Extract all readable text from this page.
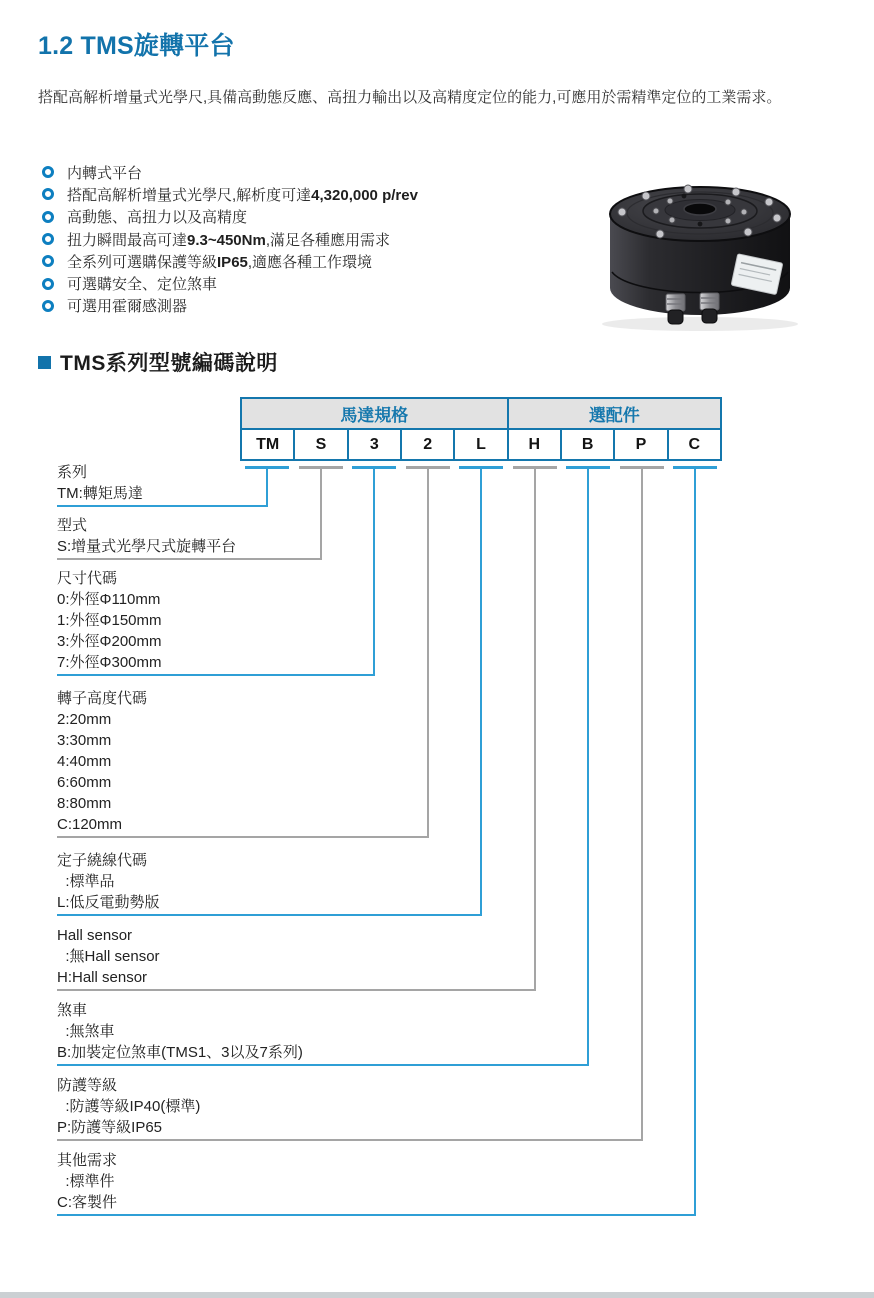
1.2 TMS旋轉平台

搭配高解析增量式光學尺,具備高動態反應、高扭力輸出以及高精度定位的能力,可應用於需精準定位的工業需求。

内轉式平台
搭配高解析增量式光學尺,解析度可達4,320,000 p/rev
高動態、高扭力以及高精度
扭力瞬間最高可達9.3~450Nm,滿足各種應用需求
全系列可選購保護等級IP65,適應各種工作環境
可選購安全、定位煞車
可選用霍爾感測器
TMS系列型號編碼說明
馬達規格					選配件			
TM	S	3	2	L	H	B	P	C
系列
TM:轉矩馬達
型式
S:增量式光學尺式旋轉平台
尺寸代碼
0:外徑Φ110mm
1:外徑Φ150mm
3:外徑Φ200mm
7:外徑Φ300mm
轉子高度代碼
2:20mm
3:30mm
4:40mm
6:60mm
8:80mm
C:120mm
定子繞線代碼
:標準品
L:低反電動勢版
Hall sensor
:無Hall sensor
H:Hall sensor
煞車
:無煞車
B:加裝定位煞車(TMS1、3以及7系列)
防護等級
:防護等級IP40(標準)
P:防護等級IP65
其他需求
:標準件
C:客製件
